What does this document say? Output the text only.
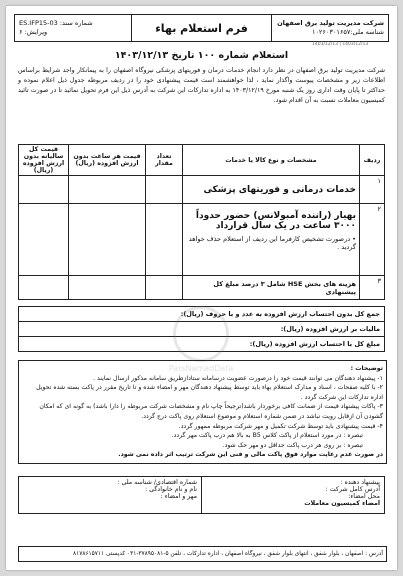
شرکت مدیریت تولید برق اصفهان
شناسه ملی:۱۰۲۶۰۳۰۱۶۵۷
فرم استعلام بهاء
شماره سند: ES.IFP15-03
ویرایش: ۶
1403/12/13 | 1403/12/13
استعلام شماره ۱۰۰ تاریخ ۱۴۰۳/۱۲/۱۳
شرکت مدیریت تولید برق اصفهان در نظر دارد انجام خدمات درمان و فوریتهای پزشکی نیروگاه اصفهان را به پیمانکار واجد شرایط براساس اطلاعات زیر و مشخصات پیوست واگذار نماید ، لذا خواهشمند است قیمت پیشنهادی خود را در ردیف مربوطه جدول ذیل اعلام نموده و حداکثر تا پایان وقت اداری روز یک شنبه مورخ ۱۴۰۳/۱۲/۱۹ به اداره تدارکات این شرکت به آدرس ذیل این فرم تحویل نمائید تا در صورت تائید کمیسیون معاملات نسبت به آن اقدام شود.
ردیف	مشخصات و نوع کالا یا خدمات	تعداد مقدار	قیمت هر ساعت بدون ارزش افزوده (ریال)	قیمت کل سالیانه بدون ارزش افزوده (ریال)
۱	خدمات درمانی و فوریتهای پزشکی			
۲	بهیار (راننده آمبولانس) حضور حدوداً ۳۰۰۰ ساعت در یک سال قرارداد
• درصورت تشخیص کارفرما این ردیف از استعلام حذف خواهد گردید .			

۳	هزینه های بخش HSE شامل ۳ درصد مبلغ کل پیشنهادی			
جمع کل بدون احتساب ارزش افزوده به عدد و با حروف (ریال):
مالیات بر ارزش افزوده (ریال):
مبلغ کل با احتساب ارزش افزوده (ریال):
ParsNamadData	توضیحات :
۱- پیشنهاد دهندگان می توانند قیمت خود را درصورت عضویت درسامانه ستادازطریق سامانه مذکور ارسال نمایند .
۲- با کلیه صفحات ، اسناد و مدارک استعلام بهاء باید توسط پیشنهاد دهندگان مهر و امضاء شده و تا تاریخ مقرر در پاکت بسته شده تحویل اداره تدارکات این شرکت گردد .
۳- پاکات پیشنهاد قیمت از ضمانت کافی برخوردار باشد(ترجیحاً چاپ نام و مشخصات شرکت مربوطه را دارا باشد) به گونه ای که امکان گشودن آن ازقابل رویت نباشد در ضمن شماره استعلام و موضوع استعلام روی پاکت درج گردد.
۴- قیمت پیشنهادی باید توسط شرکت تکمیل و مهر شرکت مربوطه ممهور گردد.
تبصره : در مورد استعلام از پاکت کلاس B5 به بالا هم درب پاکت مهر گردد.
تبصره : بر روی هر درب پاکت حداقل دو مهر حک شود.
در صورت عدم رعایت موارد فوق پاکت مالی و فنی این شرکت ترتیب اثر داده نمی شود.
پیشنهاد دهنده :
آدرس کامل شرکت :
محل امضاء:
امضاء کمیسیون معاملات

شماره اقتصادی/ شناسه ملی :
نام و نام خانوادگی :
مهر و امضاء :
آدرس : اصفهان ، بلوار شفق ، انتهای بلوار شفق ، نیروگاه اصفهان ، اداره تدارکات ، تلفن ۵-۳۷۸۹۵۰۸۱-۰۳۱ کدپستی ۸۱۷۸۶۱۵۷۱۱
